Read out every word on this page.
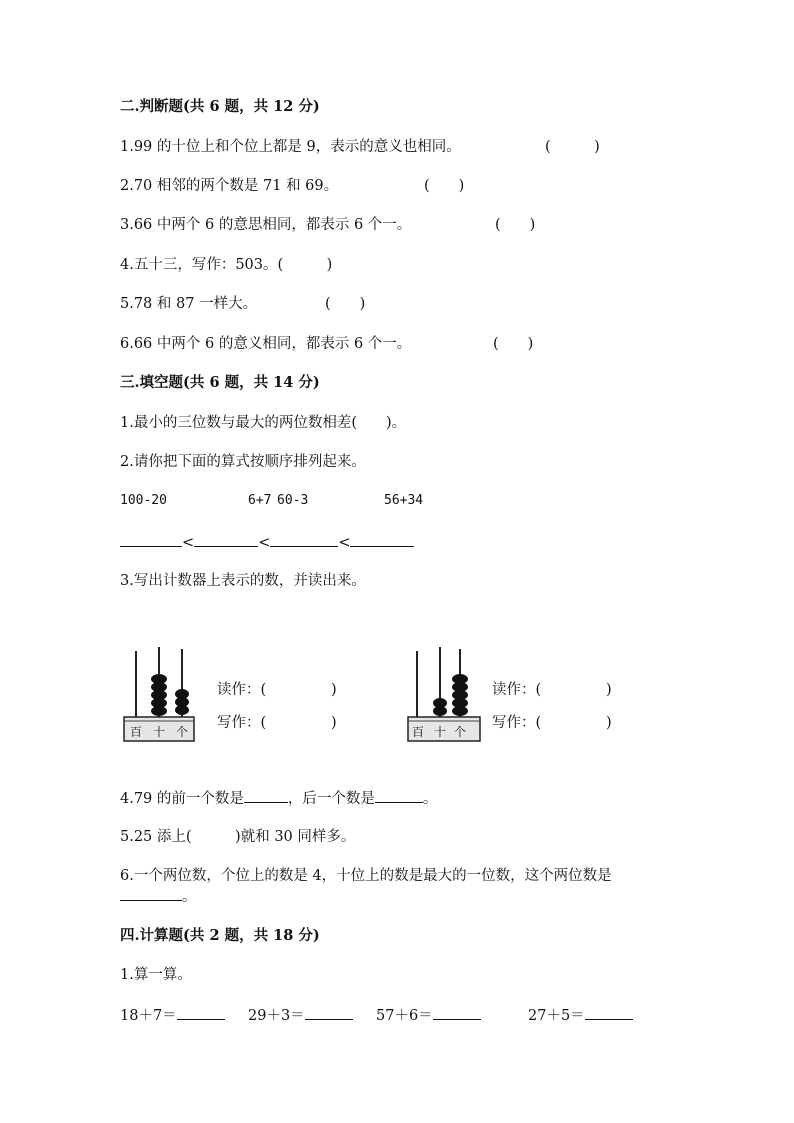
二.判断题(共 6 题，共 12 分)
1.99 的十位上和个位上都是 9，表示的意义也相同。	(　　　)
2.70 相邻的两个数是 71 和 69。	(　　)
3.66 中两个 6 的意思相同，都表示 6 个一。	(　　)
4.五十三，写作：503。(　　　)
5.78 和 87 一样大。	(　　)
6.66 中两个 6 的意义相同，都表示 6 个一。	(　　)
三.填空题(共 6 题，共 14 分)
1.最小的三位数与最大的两位数相差(　　)。
2.请你把下面的算式按顺序排列起来。
100-20	6+7 60-3	56+34
<	<	<
3.写出计数器上表示的数，并读出来。
百 十 个
读作：(	)
写作：(	)
百 十 个
读作：(	)
写作：(	)
4.79 的前一个数是	，后一个数是	。
5.25 添上(　　　)就和 30 同样多。
6.一个两位数，个位上的数是 4，十位上的数是最大的一位数，这个两位数是
。
四.计算题(共 2 题，共 18 分)
1.算一算。
18＋7＝	29＋3＝	57＋6＝	27＋5＝
